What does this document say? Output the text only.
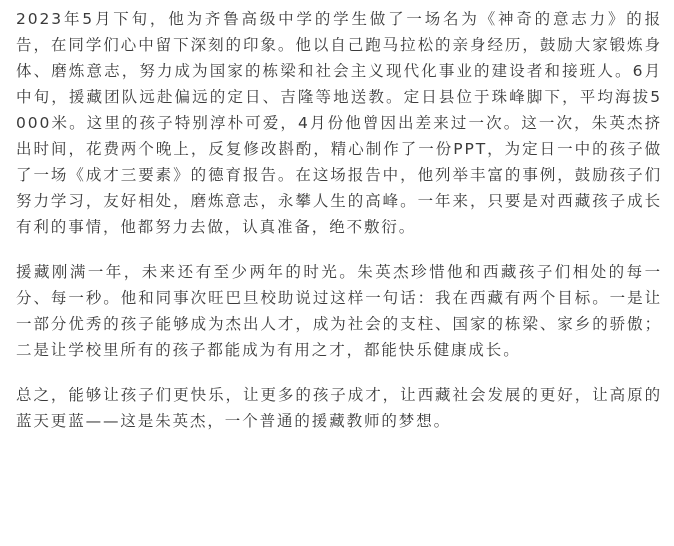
2023年5月下旬，他为齐鲁高级中学的学生做了一场名为《神奇的意志力》的报告，在同学们心中留下深刻的印象。他以自己跑马拉松的亲身经历，鼓励大家锻炼身体、磨炼意志，努力成为国家的栋梁和社会主义现代化事业的建设者和接班人。6月中旬，援藏团队远赴偏远的定日、吉隆等地送教。定日县位于珠峰脚下，平均海拔5000米。这里的孩子特别淳朴可爱，4月份他曾因出差来过一次。这一次，朱英杰挤出时间，花费两个晚上，反复修改斟酌，精心制作了一份PPT，为定日一中的孩子做了一场《成才三要素》的德育报告。在这场报告中，他列举丰富的事例，鼓励孩子们努力学习，友好相处，磨炼意志，永攀人生的高峰。一年来，只要是对西藏孩子成长有利的事情，他都努力去做，认真准备，绝不敷衍。

援藏刚满一年，未来还有至少两年的时光。朱英杰珍惜他和西藏孩子们相处的每一分、每一秒。他和同事次旺巴旦校助说过这样一句话：我在西藏有两个目标。一是让一部分优秀的孩子能够成为杰出人才，成为社会的支柱、国家的栋梁、家乡的骄傲；二是让学校里所有的孩子都能成为有用之才，都能快乐健康成长。

总之，能够让孩子们更快乐，让更多的孩子成才，让西藏社会发展的更好，让高原的蓝天更蓝——这是朱英杰，一个普通的援藏教师的梦想。
